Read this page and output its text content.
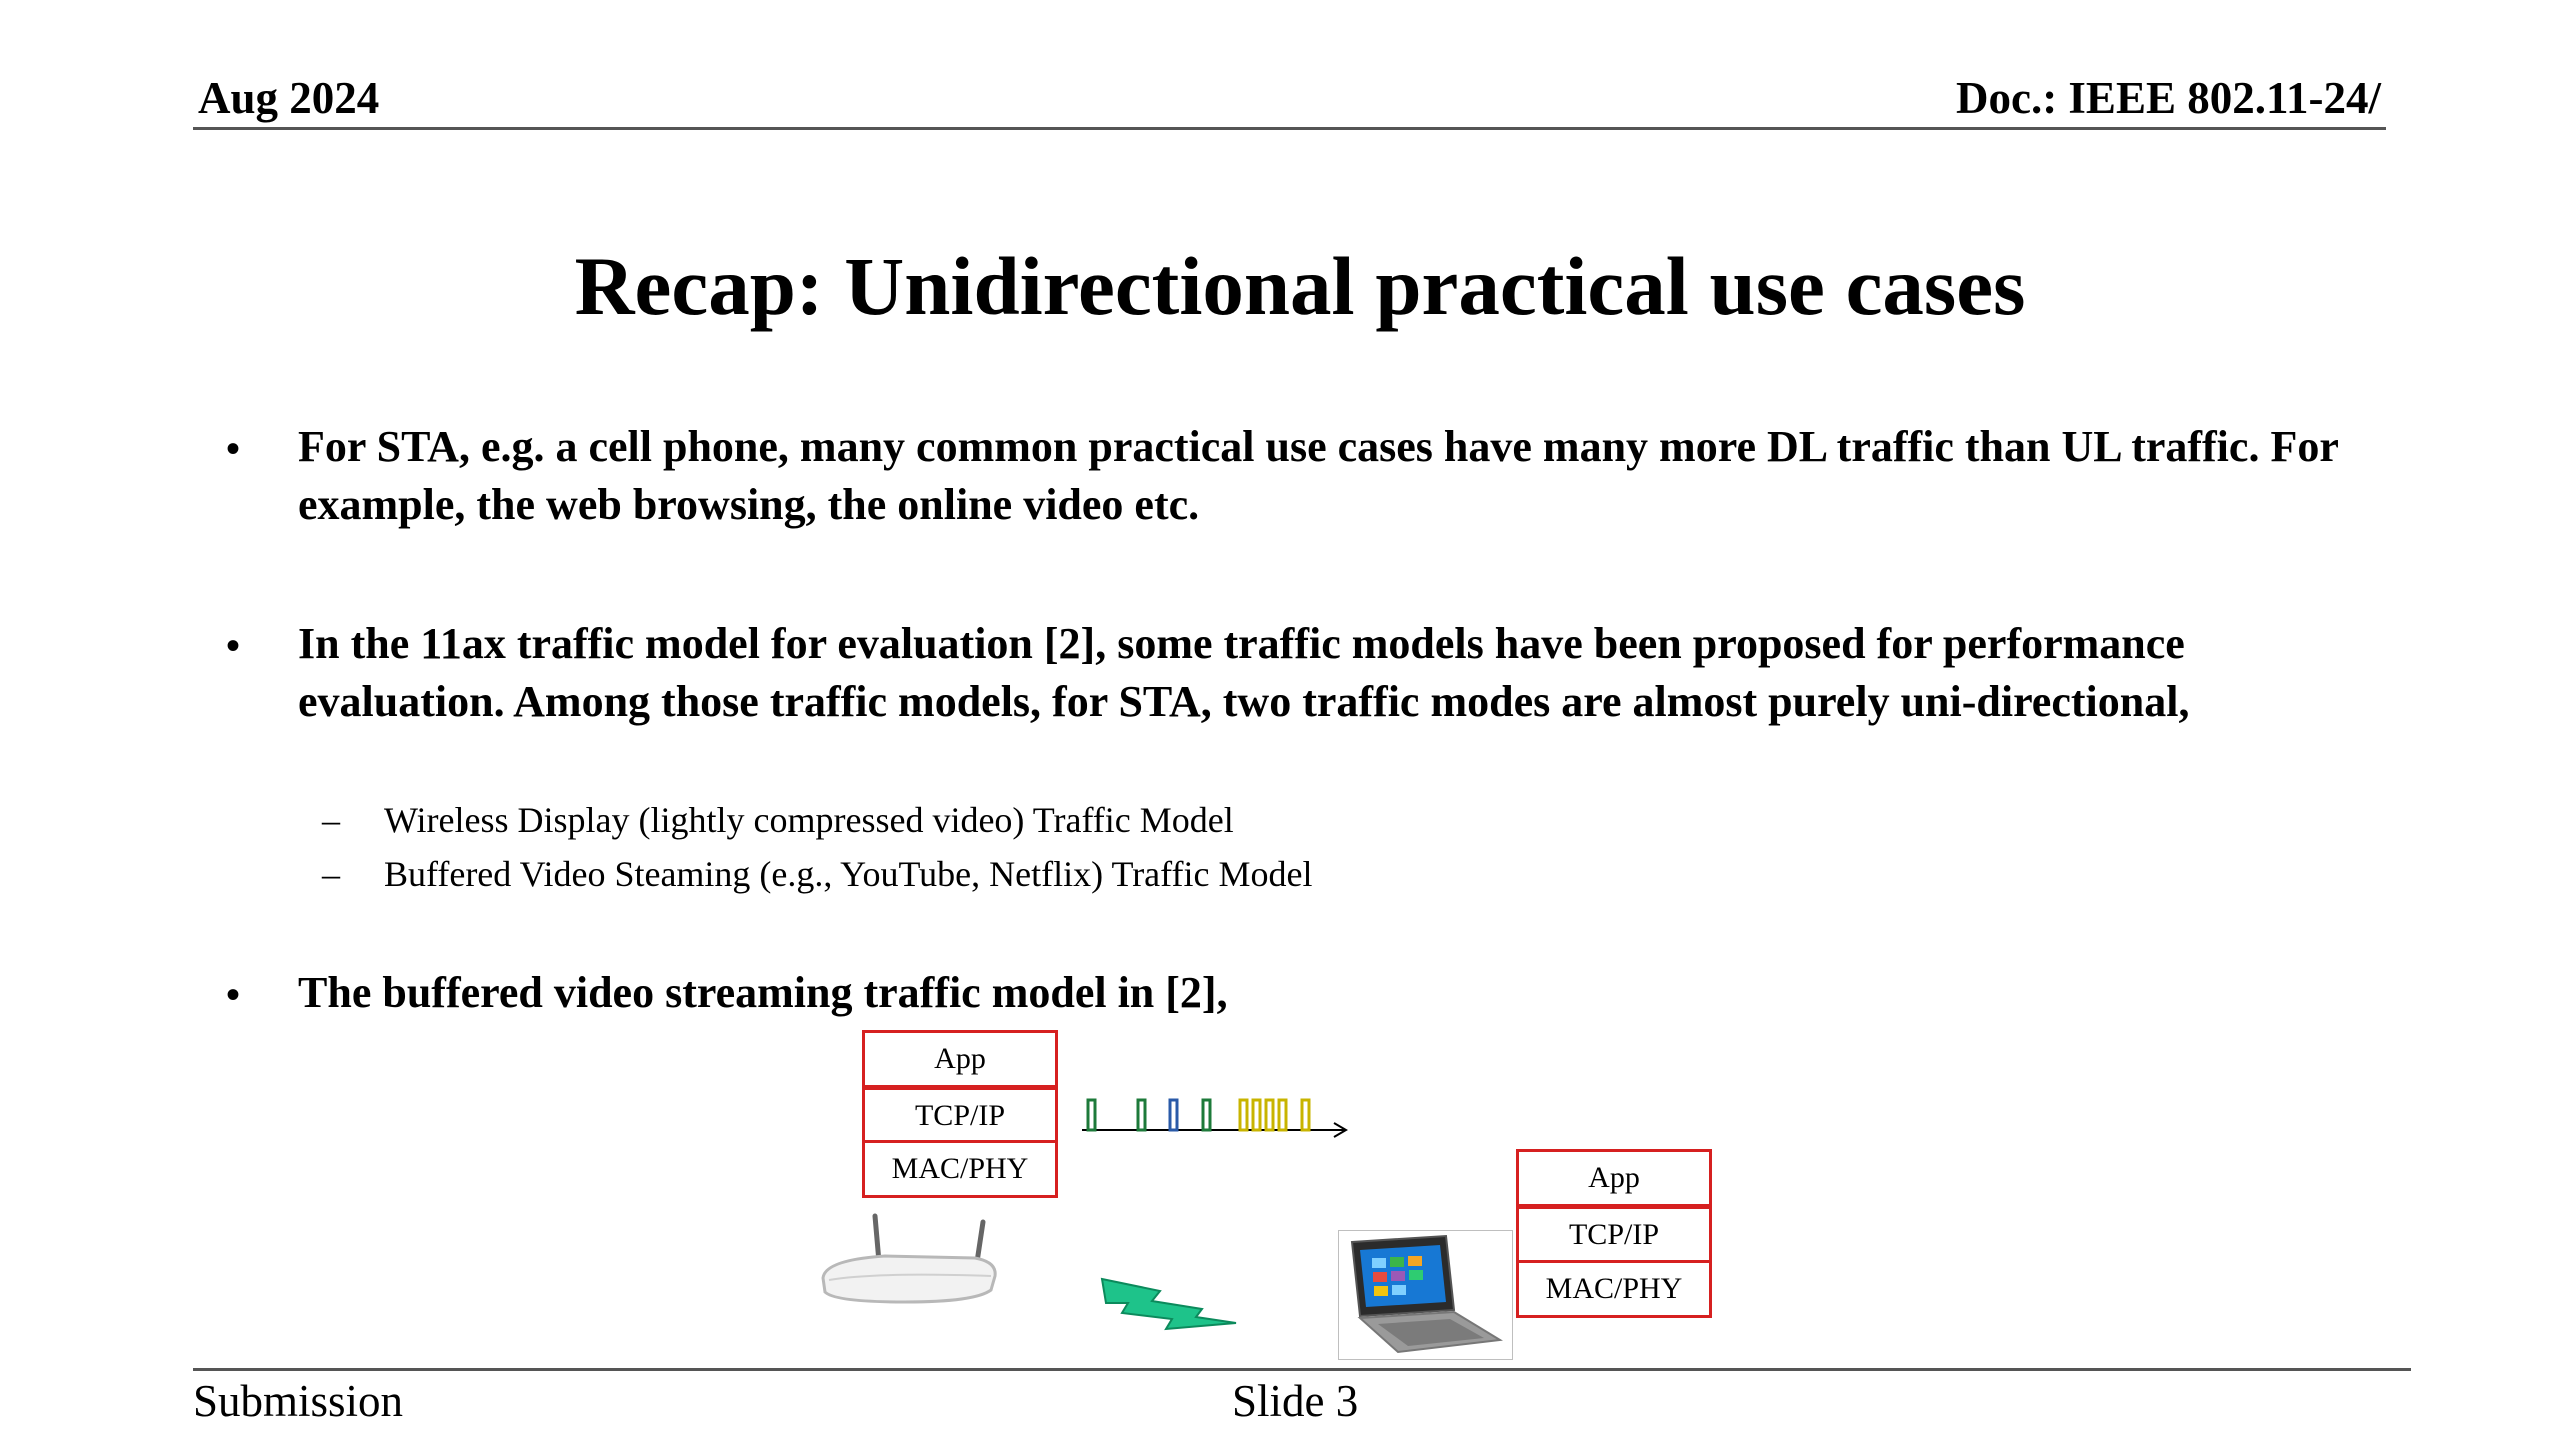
Aug 2024	Doc.: IEEE 802.11-24/
Recap: Unidirectional practical use cases
• For STA, e.g. a cell phone, many common practical use cases have many more DL traffic than UL traffic. For example, the web browsing, the online video etc.
• In the 11ax traffic model for evaluation [2], some traffic models have been proposed for performance evaluation. Among those traffic models, for STA, two traffic modes are almost purely uni-directional,
– Wireless Display (lightly compressed video) Traffic Model
– Buffered Video Steaming (e.g., YouTube, Netflix) Traffic Model
• The buffered video streaming traffic model in [2],
App
TCP/IP
MAC/PHY	App
TCP/IP
MAC/PHY
Submission	Slide 3
